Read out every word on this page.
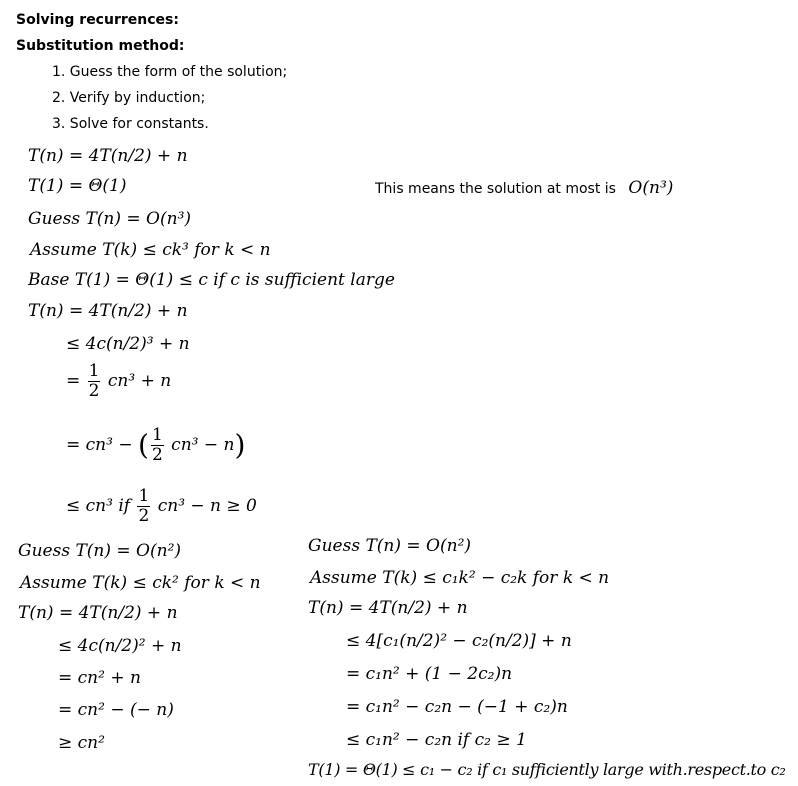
Solving recurrences:
Substitution method:
1. Guess the form of the solution;
2. Verify by induction;
3. Solve for constants.
This means the solution at most is O(n³)
T(n) = 4T(n/2) + n
T(1) = Θ(1)
Guess T(n) = O(n³)
Assume T(k) ≤ ck³ for k < n
Base T(1) = Θ(1) ≤ c if c is sufficient large
T(n) = 4T(n/2) + n
≤ 4c(n/2)³ + n
= $\frac{1}{2} cn^3 + n$
= cn³ − ( $\frac{1}{2} cn^3 - n$)
≤ cn³ if $\frac{1}{2} cn^3 - n \ge 0$
Guess T(n) = O(n²)
Assume T(k) ≤ ck² for k < n
T(n) = 4T(n/2) + n
≤ 4c(n/2)² + n
= cn² + n
= cn² − (− n)
≥ cn²
Guess T(n) = O(n²)
Assume T(k) ≤ c₁k² − c₂k for k < n
T(n) = 4T(n/2) + n
≤ 4[c₁(n/2)² − c₂(n/2)] + n
= c₁n² + (1 − 2c₂)n
= c₁n² − c₂n − (−1 + c₂)n
≤ c₁n² − c₂n if c₂ ≥ 1
T(1) = Θ(1) ≤ c₁ − c₂ if c₁ sufficiently large with.respect.to c₂
